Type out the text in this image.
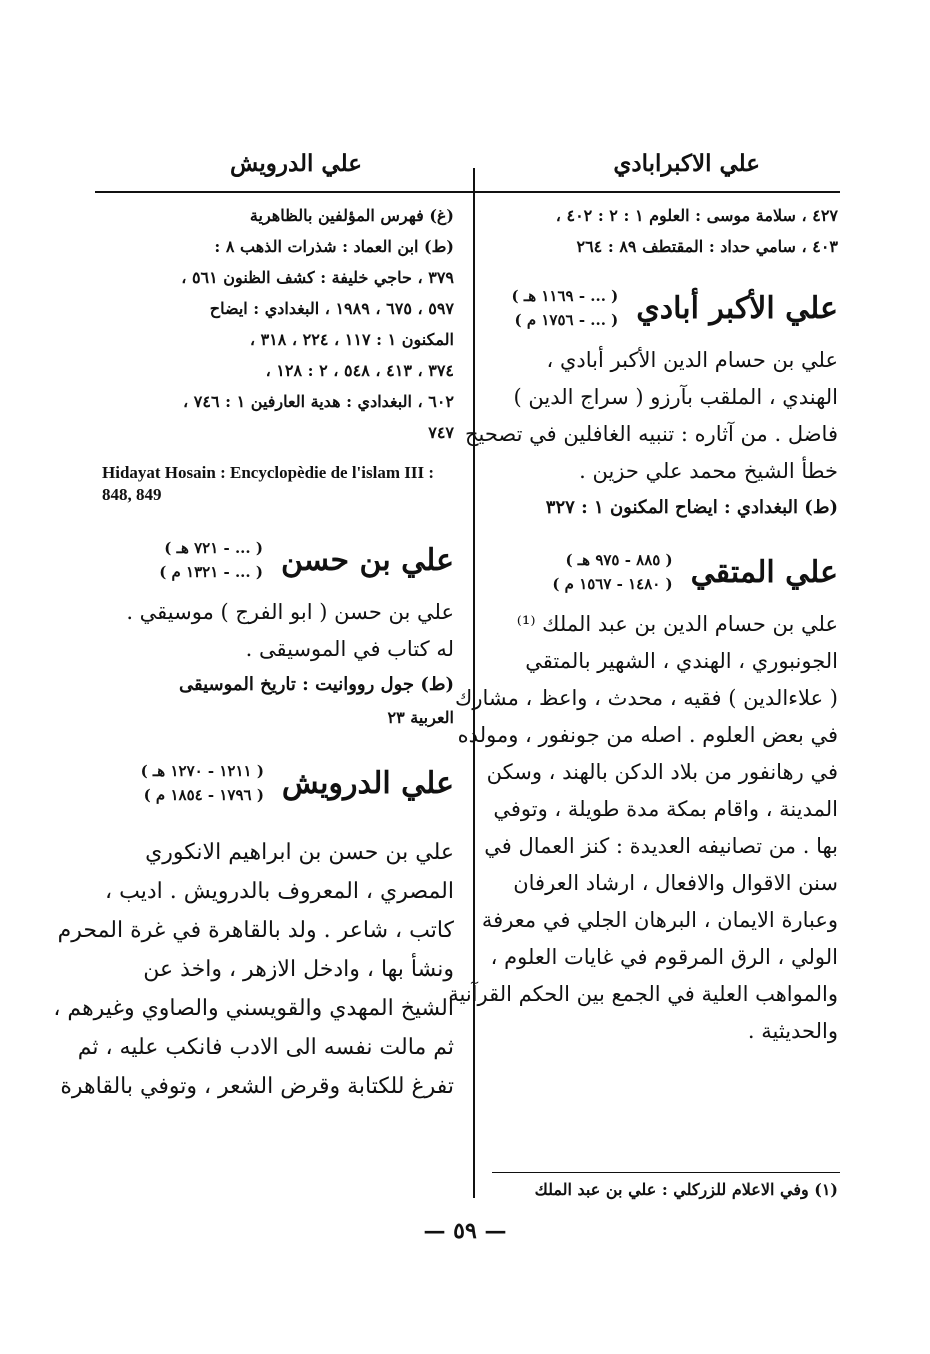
علي الاكبرابادي
علي الدرويش
٤٢٧ ، سلامة موسى : العلوم ١ : ٢ : ٤٠٢ ،
٤٠٣ ، سامي حداد : المقتطف ٨٩ : ٢٦٤
علي الأكبر أبادي
( ... - ١١٦٩ هـ )
( ... - ١٧٥٦ م )
علي بن حسام الدين الأكبر أبادي ،
الهندي ، الملقب بآرزو ( سراج الدين )
فاضل . من آثاره : تنبيه الغافلين في تصحيح
خطأ الشيخ محمد علي حزين .
(ط) البغدادي : ايضاح المكنون ١ : ٣٢٧
علي المتقي
( ٨٨٥ - ٩٧٥ هـ )
( ١٤٨٠ - ١٥٦٧ م )
علي بن حسام الدين بن عبد الملك ⁽¹⁾
الجونبوري ، الهندي ، الشهير بالمتقي
( علاءالدين ) فقيه ، محدث ، واعظ ، مشارك
في بعض العلوم . اصله من جونفور ، ومولده
في رهانفور من بلاد الدكن بالهند ، وسكن
المدينة ، واقام بمكة مدة طويلة ، وتوفي
بها . من تصانيفه العديدة : كنز العمال في
سنن الاقوال والافعال ، ارشاد العرفان
وعبارة الايمان ، البرهان الجلي في معرفة
الولي ، الرق المرقوم في غايات العلوم ،
والمواهب العلية في الجمع بين الحكم القرآنية
والحديثية .
(١) وفي الاعلام للزركلي : علي بن عبد الملك
(غ) فهرس المؤلفين بالظاهرية
(ط) ابن العماد : شذرات الذهب ٨ :
٣٧٩ ، حاجي خليفة : كشف الظنون ٥٦١ ،
٥٩٧ ، ٦٧٥ ، ١٩٨٩ ، البغدادي : ايضاح
المكنون ١ : ١١٧ ، ٢٢٤ ، ٣١٨ ،
٣٧٤ ، ٤١٣ ، ٥٤٨ ، ٢ : ١٢٨ ،
٦٠٢ ، البغدادي : هدية العارفين ١ : ٧٤٦ ،
٧٤٧
Hidayat Hosain : Encyclopèdie de l'islam III : 848, 849
علي بن حسن
( ... - ٧٢١ هـ )
( ... - ١٣٢١ م )
علي بن حسن ( ابو الفرج ) موسيقي .
له كتاب في الموسيقى .
(ط) جول رووانيت : تاريخ الموسيقى
العربية ٢٣
علي الدرويش
( ١٢١١ - ١٢٧٠ هـ )
( ١٧٩٦ - ١٨٥٤ م )
علي بن حسن بن ابراهيم الانكوري
المصري ، المعروف بالدرويش . اديب ،
كاتب ، شاعر . ولد بالقاهرة في غرة المحرم
ونشأ بها ، وادخل الازهر ، واخذ عن
الشيخ المهدي والقويسني والصاوي وغيرهم ،
ثم مالت نفسه الى الادب فانكب عليه ، ثم
تفرغ للكتابة وقرض الشعر ، وتوفي بالقاهرة
— ٥٩ —
